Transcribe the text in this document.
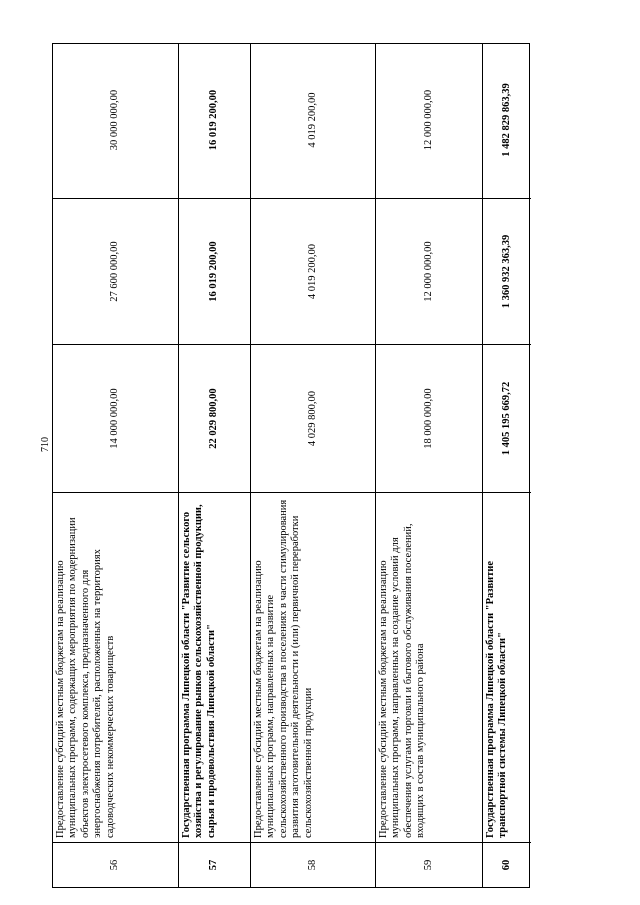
710
56
Предоставление субсидий местным бюджетам на реализацию муниципальных программ, содержащих мероприятия по модернизации объектов электросетевого комплекса, предназначенного для энергоснабжения потребителей, расположенных на территориях садоводческих некоммерческих товариществ
14 000 000,00
27 600 000,00
30 000 000,00
57
Государственная программа Липецкой области "Развитие сельского хозяйства и регулирование рынков сельскохозяйственной продукции, сырья и продовольствия Липецкой области"
22 029 800,00
16 019 200,00
16 019 200,00
58
Предоставление субсидий местным бюджетам на реализацию муниципальных программ, направленных на развитие сельскохозяйственного производства в поселениях в части стимулирования развития заготовительной деятельности и (или) первичной переработки сельскохозяйственной продукции
4 029 800,00
4 019 200,00
4 019 200,00
59
Предоставление субсидий местным бюджетам на реализацию муниципальных программ, направленных на создание условий для обеспечения услугами торговли и бытового обслуживания поселений, входящих в состав муниципального района
18 000 000,00
12 000 000,00
12 000 000,00
60
Государственная программа Липецкой области "Развитие транспортной системы Липецкой области"
1 405 195 669,72
1 360 932 363,39
1 482 829 863,39
